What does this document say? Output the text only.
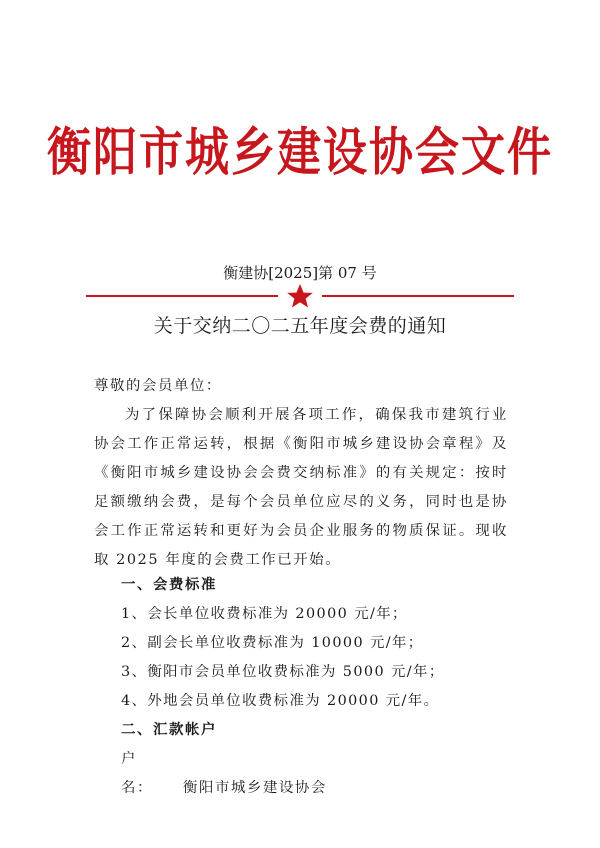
衡阳市城乡建设协会文件
衡建协[2025]第 07 号
关于交纳二〇二五年度会费的通知
尊敬的会员单位：
为了保障协会顺利开展各项工作，确保我市建筑行业协会工作正常运转，根据《衡阳市城乡建设协会章程》及《衡阳市城乡建设协会会费交纳标准》的有关规定：按时足额缴纳会费，是每个会员单位应尽的义务，同时也是协会工作正常运转和更好为会员企业服务的物质保证。现收取 2025 年度的会费工作已开始。
一、会费标准
1、会长单位收费标准为 20000 元/年；
2、副会长单位收费标准为 10000 元/年；
3、衡阳市会员单位收费标准为 5000 元/年；
4、外地会员单位收费标准为 20000 元/年。
二、汇款帐户
户　名： 衡阳市城乡建设协会
